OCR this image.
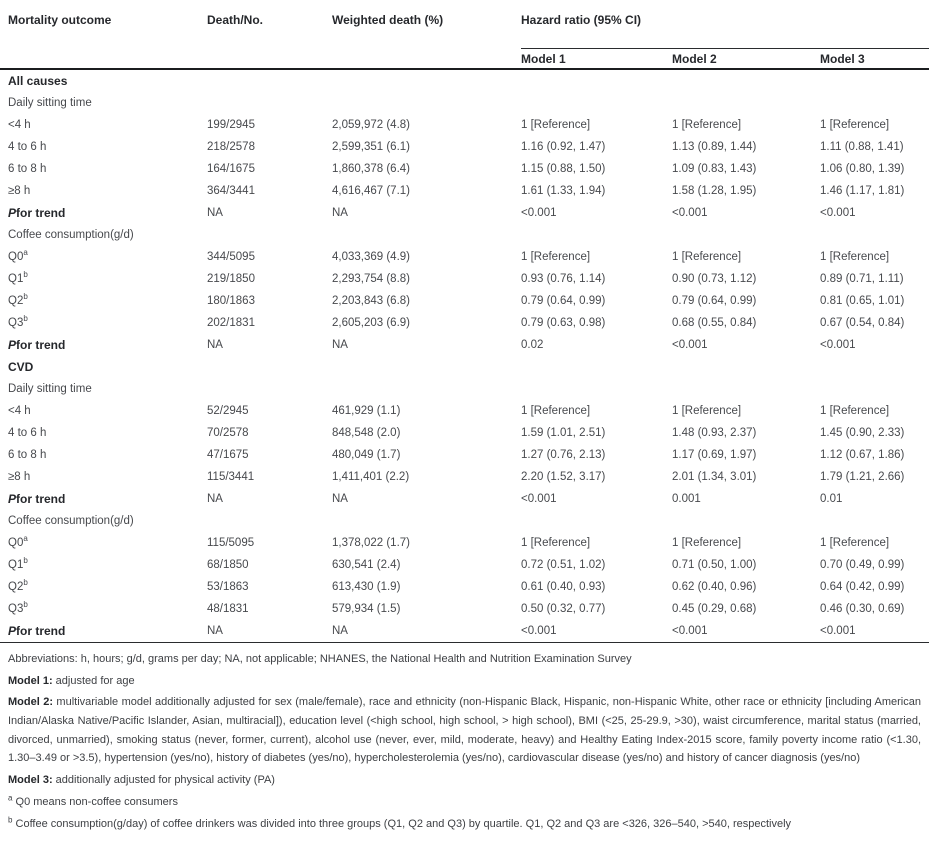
Mortality outcome	Death/No.	Weighted death (%)	Hazard ratio (95% CI)		
			Model 1	Model 2	Model 3
All causes					
Daily sitting time					
<4 h	199/2945	2,059,972 (4.8)	1 [Reference]	1 [Reference]	1 [Reference]
4 to 6 h	218/2578	2,599,351 (6.1)	1.16 (0.92, 1.47)	1.13 (0.89, 1.44)	1.11 (0.88, 1.41)
6 to 8 h	164/1675	1,860,378 (6.4)	1.15 (0.88, 1.50)	1.09 (0.83, 1.43)	1.06 (0.80, 1.39)
≥8 h	364/3441	4,616,467 (7.1)	1.61 (1.33, 1.94)	1.58 (1.28, 1.95)	1.46 (1.17, 1.81)
Pfor trend	NA	NA	<0.001	<0.001	<0.001
Coffee consumption(g/d)					
Q0$^a$	344/5095	4,033,369 (4.9)	1 [Reference]	1 [Reference]	1 [Reference]
Q1$^b$	219/1850	2,293,754 (8.8)	0.93 (0.76, 1.14)	0.90 (0.73, 1.12)	0.89 (0.71, 1.11)
Q2$^b$	180/1863	2,203,843 (6.8)	0.79 (0.64, 0.99)	0.79 (0.64, 0.99)	0.81 (0.65, 1.01)
Q3$^b$	202/1831	2,605,203 (6.9)	0.79 (0.63, 0.98)	0.68 (0.55, 0.84)	0.67 (0.54, 0.84)
Pfor trend	NA	NA	0.02	<0.001	<0.001
CVD					
Daily sitting time					
<4 h	52/2945	461,929 (1.1)	1 [Reference]	1 [Reference]	1 [Reference]
4 to 6 h	70/2578	848,548 (2.0)	1.59 (1.01, 2.51)	1.48 (0.93, 2.37)	1.45 (0.90, 2.33)
6 to 8 h	47/1675	480,049 (1.7)	1.27 (0.76, 2.13)	1.17 (0.69, 1.97)	1.12 (0.67, 1.86)
≥8 h	115/3441	1,411,401 (2.2)	2.20 (1.52, 3.17)	2.01 (1.34, 3.01)	1.79 (1.21, 2.66)
Pfor trend	NA	NA	<0.001	0.001	0.01
Coffee consumption(g/d)					
Q0$^a$	115/5095	1,378,022 (1.7)	1 [Reference]	1 [Reference]	1 [Reference]
Q1$^b$	68/1850	630,541 (2.4)	0.72 (0.51, 1.02)	0.71 (0.50, 1.00)	0.70 (0.49, 0.99)
Q2$^b$	53/1863	613,430 (1.9)	0.61 (0.40, 0.93)	0.62 (0.40, 0.96)	0.64 (0.42, 0.99)
Q3$^b$	48/1831	579,934 (1.5)	0.50 (0.32, 0.77)	0.45 (0.29, 0.68)	0.46 (0.30, 0.69)
Pfor trend	NA	NA	<0.001	<0.001	<0.001

Abbreviations: h, hours; g/d, grams per day; NA, not applicable; NHANES, the National Health and Nutrition Examination Survey

Model 1: adjusted for age

Model 2: multivariable model additionally adjusted for sex (male/female), race and ethnicity (non-Hispanic Black, Hispanic, non-Hispanic White, other race or ethnicity [including American Indian/Alaska Native/Pacific Islander, Asian, multiracial]), education level (<high school, high school, > high school), BMI (<25, 25-29.9, >30), waist circumference, marital status (married, divorced, unmarried), smoking status (never, former, current), alcohol use (never, ever, mild, moderate, heavy) and Healthy Eating Index-2015 score, family poverty income ratio (<1.30, 1.30–3.49 or >3.5), hypertension (yes/no), history of diabetes (yes/no), hypercholesterolemia (yes/no), cardiovascular disease (yes/no) and history of cancer diagnosis (yes/no)

Model 3: additionally adjusted for physical activity (PA)

$^a$ Q0 means non-coffee consumers

$^b$ Coffee consumption(g/day) of coffee drinkers was divided into three groups (Q1, Q2 and Q3) by quartile. Q1, Q2 and Q3 are <326, 326–540, >540, respectively
